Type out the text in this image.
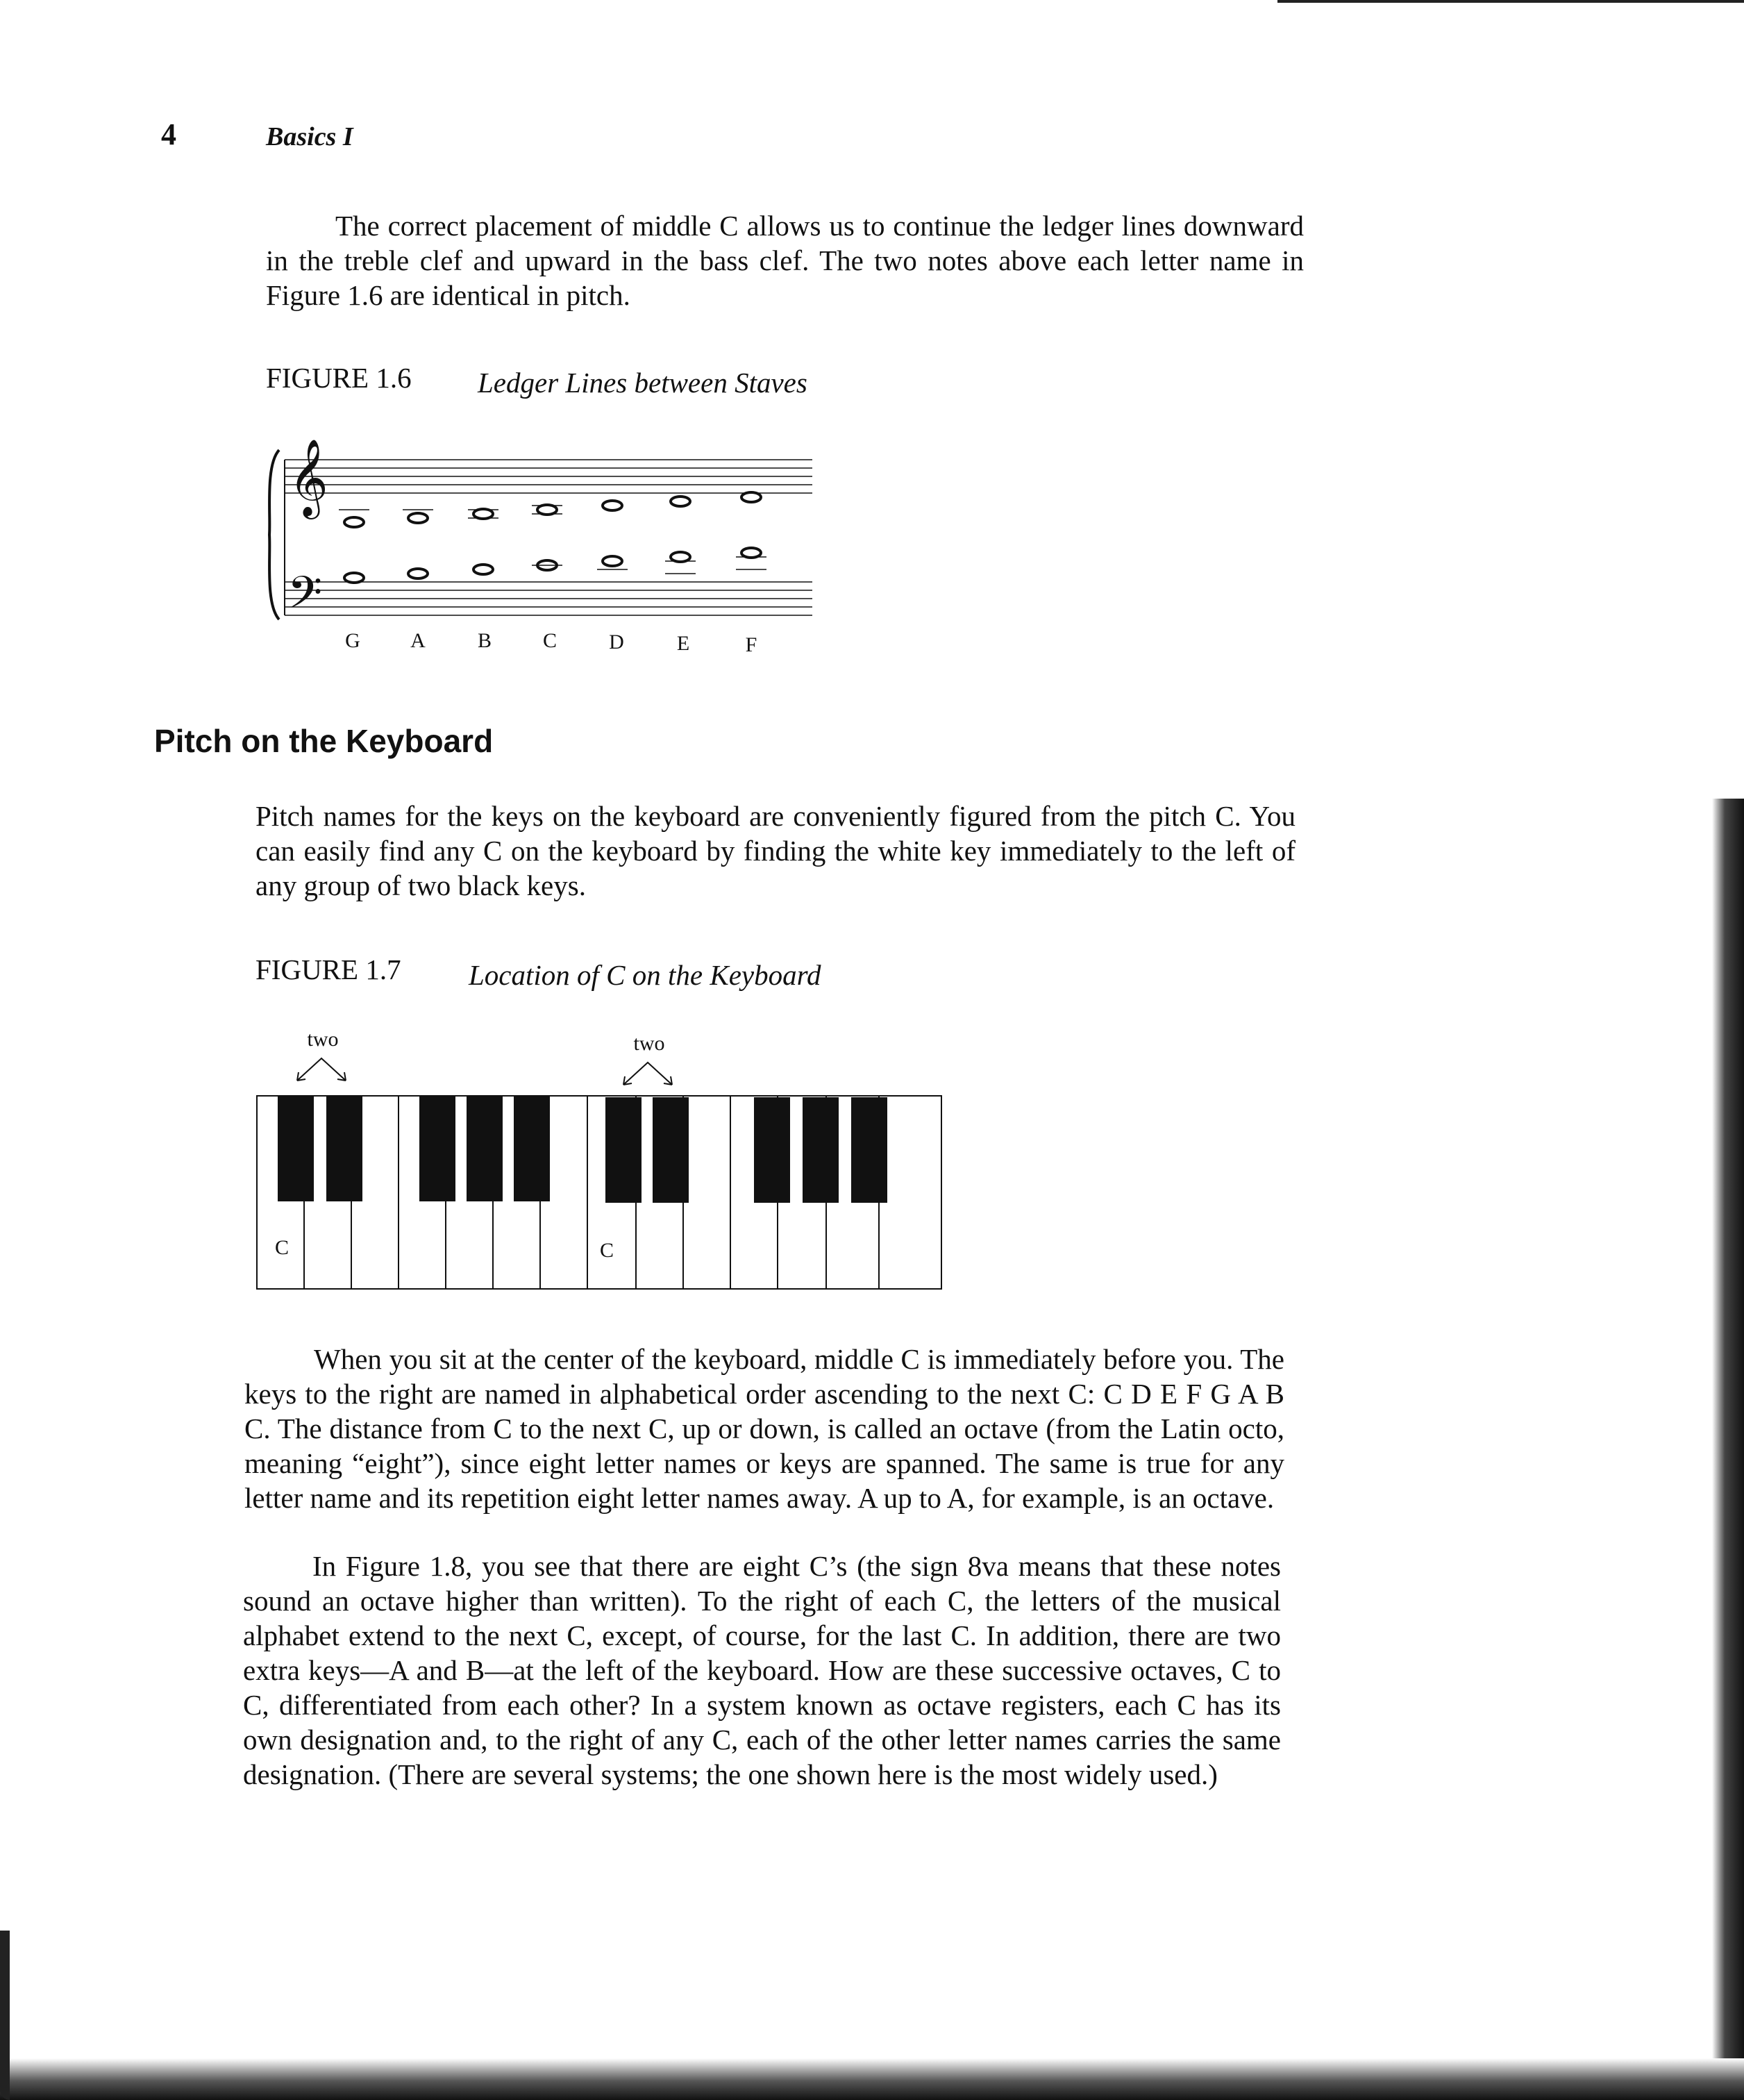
4	Basics I

The correct placement of middle C allows us to continue the ledger lines downward in the treble clef and upward in the bass clef. The two notes above each letter name in Figure 1.6 are identical in pitch.

FIGURE 1.6 Ledger Lines between Staves
𝄞
𝄢
G A	B C	D	E	F
Pitch on the Keyboard

Pitch names for the keys on the keyboard are conveniently figured from the pitch C. You can easily find any C on the keyboard by finding the white key immediately to the left of any group of two black keys.

FIGURE 1.7 Location of C on the Keyboard
two	two
C	C

When you sit at the center of the keyboard, middle C is immediately before you. The keys to the right are named in alphabetical order ascending to the next C: C D E F G A B C. The distance from C to the next C, up or down, is called an octave (from the Latin octo, meaning “eight”), since eight letter names or keys are spanned. The same is true for any letter name and its repetition eight letter names away. A up to A, for example, is an octave.

In Figure 1.8, you see that there are eight C’s (the sign 8va means that these notes sound an octave higher than written). To the right of each C, the letters of the musical alphabet extend to the next C, except, of course, for the last C. In addition, there are two extra keys—A and B—at the left of the keyboard. How are these successive octaves, C to C, differentiated from each other? In a system known as octave registers, each C has its own designation and, to the right of any C, each of the other letter names carries the same designation. (There are several systems; the one shown here is the most widely used.)
